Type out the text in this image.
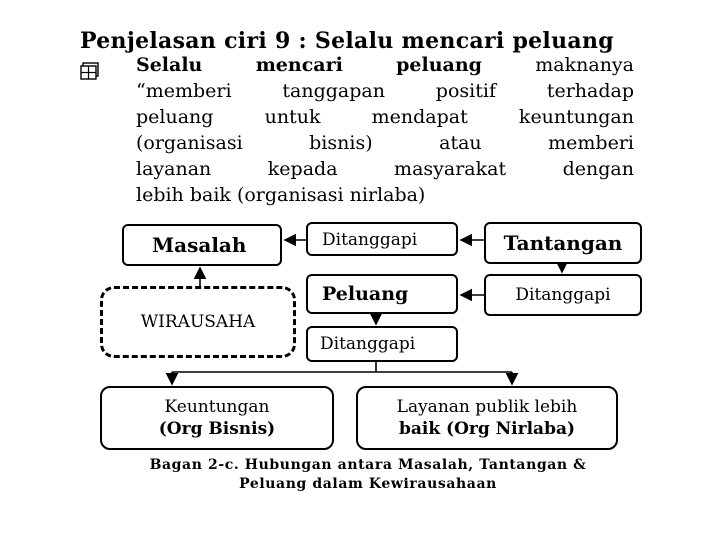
Penjelasan ciri 9 : Selalu mencari peluang
Selalu mencari peluang	maknanya
“memberi tanggapan positif terhadap
peluang untuk mendapat keuntungan
(organisasi bisnis) atau memberi
layanan kepada masyarakat dengan
lebih baik (organisasi nirlaba)
Masalah	Ditanggapi	Tantangan
Peluang	Ditanggapi
WIRAUSAHA
Ditanggapi
Keuntungan
(Org Bisnis)
Layanan publik lebih
baik (Org Nirlaba)
Bagan 2-c. Hubungan antara Masalah, Tantangan &
Peluang dalam Kewirausahaan
